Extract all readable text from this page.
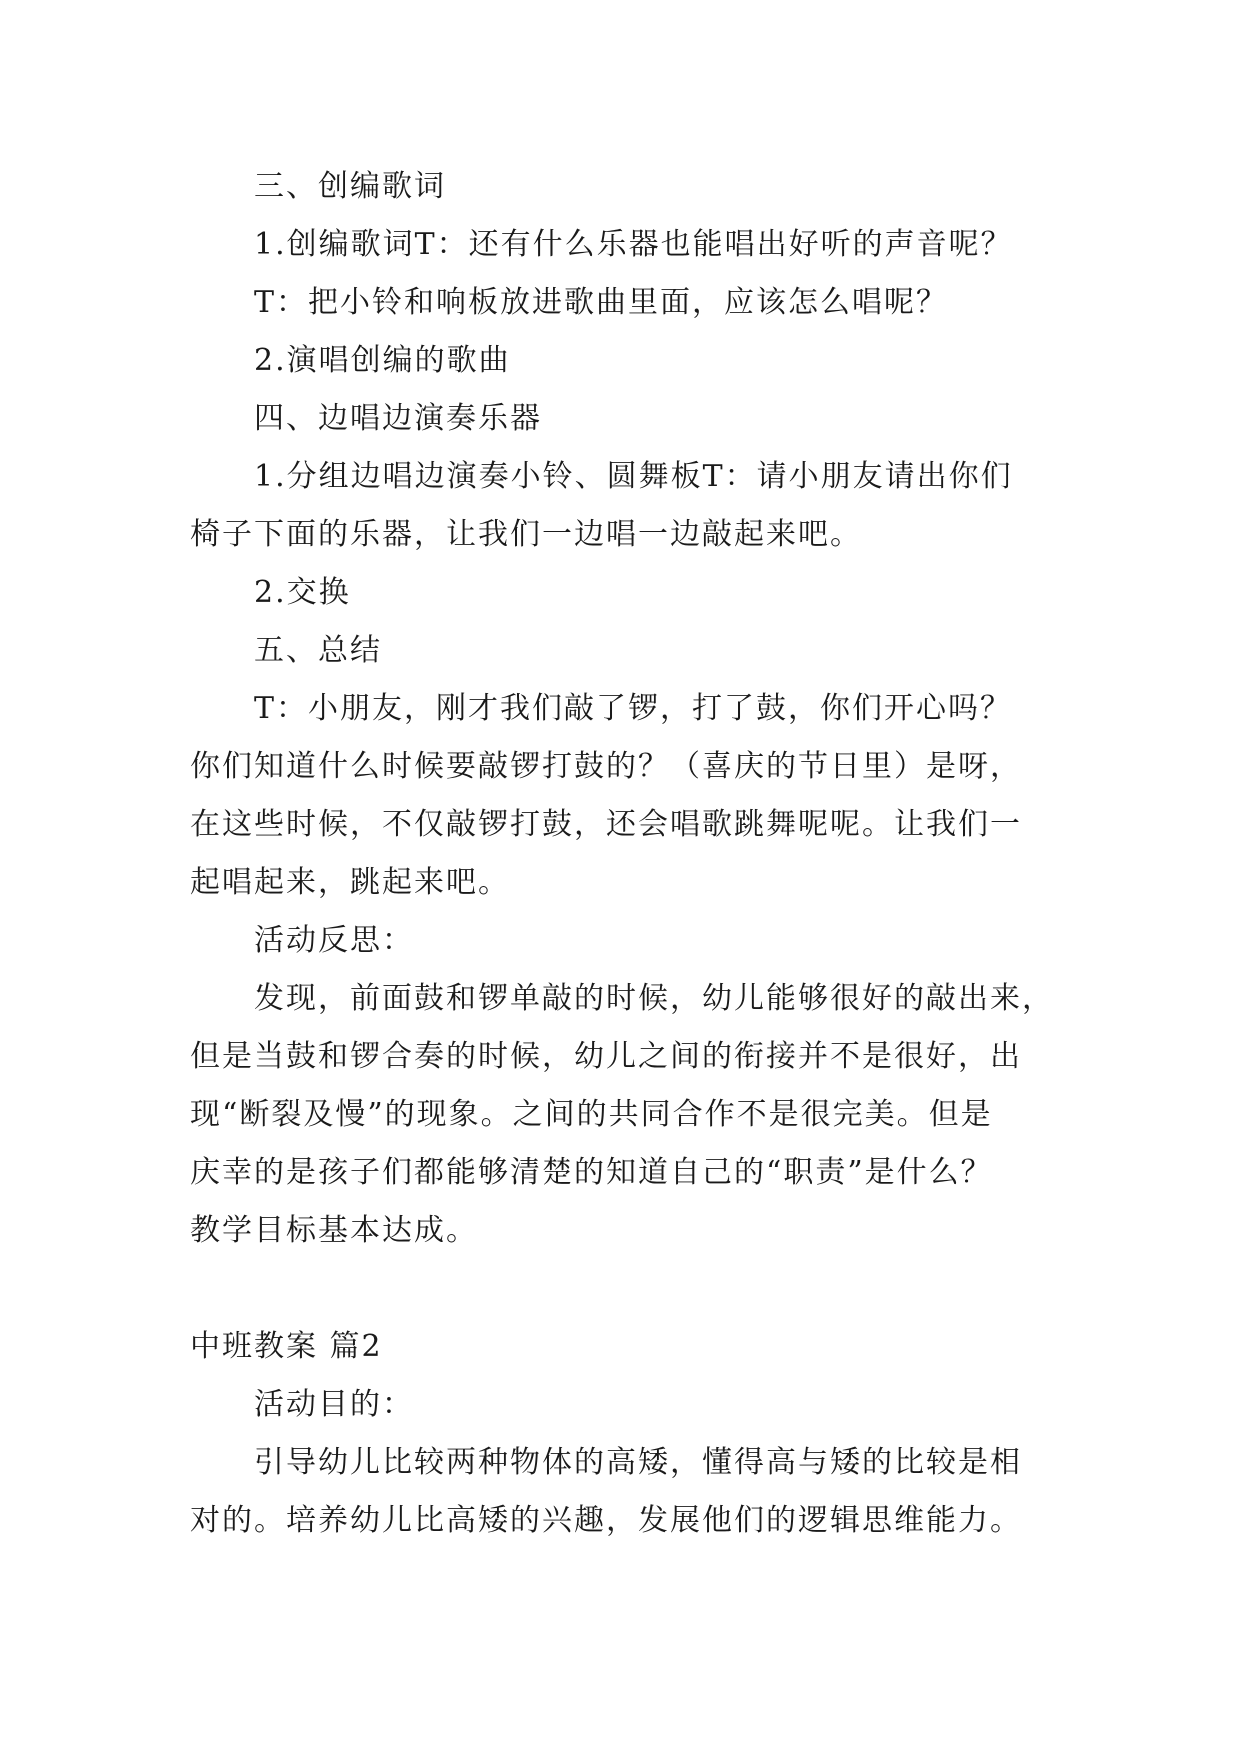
三、创编歌词
1.创编歌词T：还有什么乐器也能唱出好听的声音呢？
T：把小铃和响板放进歌曲里面，应该怎么唱呢？
2.演唱创编的歌曲
四、边唱边演奏乐器
1.分组边唱边演奏小铃、圆舞板T：请小朋友请出你们
椅子下面的乐器，让我们一边唱一边敲起来吧。
2.交换
五、总结
T：小朋友，刚才我们敲了锣，打了鼓，你们开心吗？
你们知道什么时候要敲锣打鼓的？（喜庆的节日里）是呀，
在这些时候，不仅敲锣打鼓，还会唱歌跳舞呢呢。让我们一
起唱起来，跳起来吧。
活动反思：
发现，前面鼓和锣单敲的时候，幼儿能够很好的敲出来，
但是当鼓和锣合奏的时候，幼儿之间的衔接并不是很好，出
现“断裂及慢”的现象。之间的共同合作不是很完美。但是
庆幸的是孩子们都能够清楚的知道自己的“职责”是什么？
教学目标基本达成。
中班教案 篇2
活动目的：
引导幼儿比较两种物体的高矮，懂得高与矮的比较是相
对的。培养幼儿比高矮的兴趣，发展他们的逻辑思维能力。
